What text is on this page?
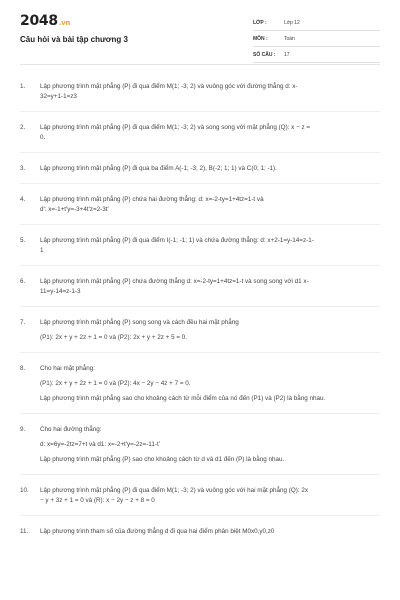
2048.vn
Câu hỏi và bài tập chương 3
LỚP :	Lớp 12
MÔN :	Toán
SỐ CÂU :	17
1. Lập phương trình mặt phẳng (P) đi qua điểm M(1; -3; 2) và vuông góc với đường thẳng d: x-
32=y+1-1=z3
2. Lập phương trình mặt phẳng (P) đi qua điểm M(1; -3; 2) và song song với mặt phẳng (Q): x − z =
0.
3. Lập phương trình mặt phẳng (P) đi qua ba điểm A(-1; -3; 2), B(-2; 1; 1) và C(0; 1; -1).
4. Lập phương trình mặt phẳng (P) chứa hai đường thẳng: d: x=-2-ty=1+4tz=1-t và
d': x=-1+t'y=-3+4t'z=2-3t'
5. Lập phương trình mặt phẳng (P) đi qua điểm I(-1; -1; 1) và chứa đường thẳng: d: x+2-1=y-14=z-1-
1
6. Lập phương trình mặt phẳng (P) chứa đường thẳng d: x=-2-ty=1+4tz=1-t và song song với d1 x-
11=y-14=z-1-3
7. Lập phương trình mặt phẳng (P) song song và cách đều hai mặt phẳng
(P1): 2x + y + 2z + 1 = 0 và (P2): 2x + y + 2z + 5 = 0.
8. Cho hai mặt phẳng:
(P1): 2x + y + 2z + 1 = 0 và (P2): 4x − 2y − 4z + 7 = 0.
Lập phương trình mặt phẳng sao cho khoảng cách từ mỗi điểm của nó đến (P1) và (P2) là bằng nhau.
9. Cho hai đường thẳng:
d: x=6y=-2tz=7+t và d1: x=-2+t'y=-2z=-11-t'
Lập phương trình mặt phẳng (P) sao cho khoảng cách từ d và d1 đến (P) là bằng nhau.
10. Lập phương trình mặt phẳng (P) đi qua điểm M(1; -3; 2) và vuông góc với hai mặt phẳng (Q): 2x
− y + 3z + 1 = 0 và (R): x − 2y − z + 8 = 0
11. Lập phương trình tham số của đường thẳng d đi qua hai điểm phân biệt M0x0,y0,z0
